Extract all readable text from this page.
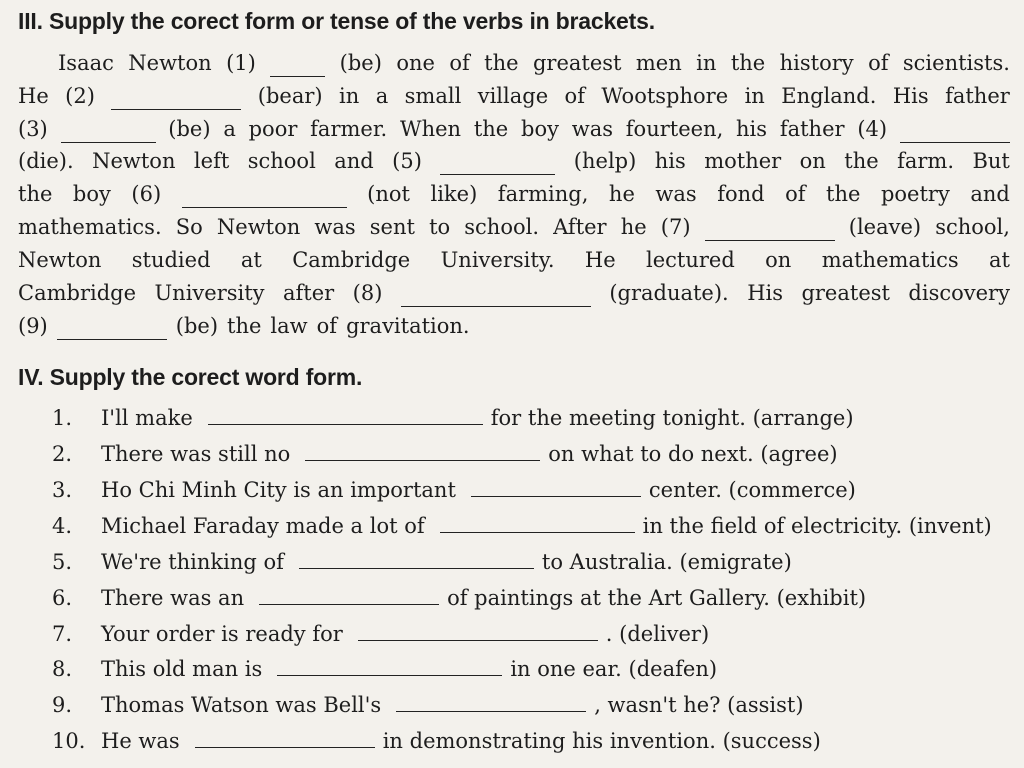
III. Supply the corect form or tense of the verbs in brackets.
Isaac Newton (1)	(be) one of the greatest men in the history of scientists.
He (2)	(bear) in a small village of Wootsphore in England. His father
(3)	(be) a poor farmer. When the boy was fourteen, his father (4)
(die). Newton left school and (5)	(help) his mother on the farm. But
the boy (6)	(not like) farming, he was fond of the poetry and
mathematics. So Newton was sent to school. After he (7)	(leave) school,
Newton studied at Cambridge University. He lectured on mathematics at
Cambridge University after (8)	(graduate). His greatest discovery
(9)	(be) the law of gravitation.
IV. Supply the corect word form.
1. I'll make	for the meeting tonight. (arrange)
2. There was still no	on what to do next. (agree)
3. Ho Chi Minh City is an important	center. (commerce)
4. Michael Faraday made a lot of	in the field of electricity. (invent)
5. We're thinking of	to Australia. (emigrate)
6. There was an	of paintings at the Art Gallery. (exhibit)
7. Your order is ready for	. (deliver)
8. This old man is	in one ear. (deafen)
9. Thomas Watson was Bell's	, wasn't he? (assist)
10. He was	in demonstrating his invention. (success)
